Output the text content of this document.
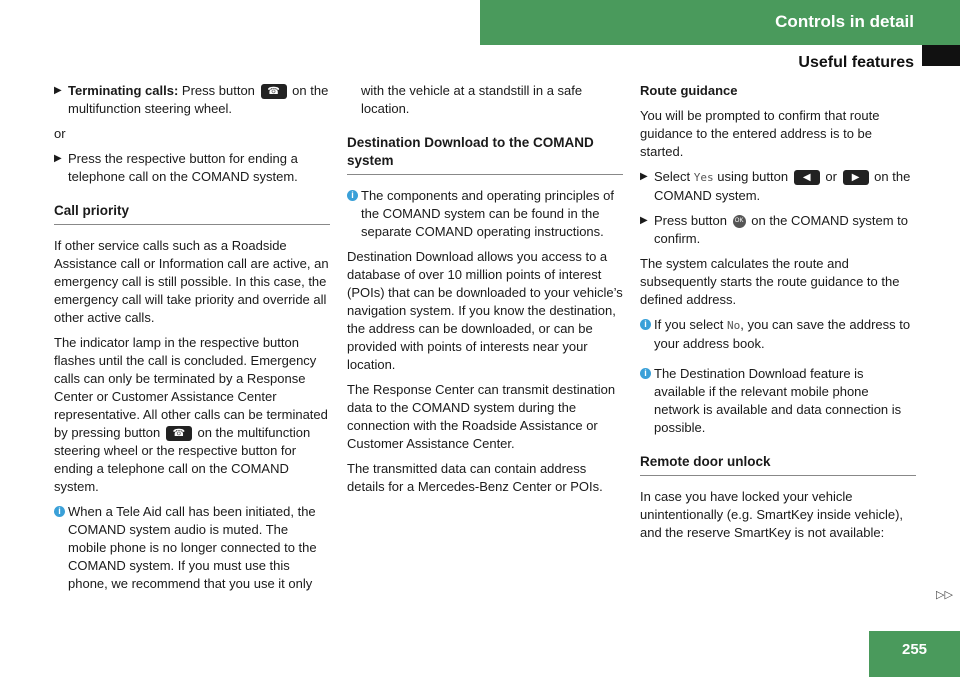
Controls in detail
Useful features
▶ Terminating calls: Press button ☎ on the multifunction steering wheel.

or

▶ Press the respective button for ending a telephone call on the COMAND system.
Call priority

If other service calls such as a Roadside Assistance call or Information call are active, an emergency call is still possible. In this case, the emergency call will take priority and override all other active calls.

The indicator lamp in the respective button flashes until the call is concluded. Emergency calls can only be terminated by a Response Center or Customer Assistance Center representative. All other calls can be terminated by pressing button ☎ on the multifunction steering wheel or the respective button for ending a telephone call on the COMAND system.

i When a Tele Aid call has been initiated, the COMAND system audio is muted. The mobile phone is no longer connected to the COMAND system. If you must use this phone, we recommend that you use it only

with the vehicle at a standstill in a safe location.

Destination Download to the COMAND system
i The components and operating principles of the COMAND system can be found in the separate COMAND operating instructions.

Destination Download allows you access to a database of over 10 million points of interest (POIs) that can be downloaded to your vehicle’s navigation system. If you know the destination, the address can be downloaded, or can be provided with points of interests near your location.

The Response Center can transmit destination data to the COMAND system during the connection with the Roadside Assistance or Customer Assistance Center.

The transmitted data can contain address details for a Mercedes-Benz Center or POIs.

Route guidance

You will be prompted to confirm that route guidance to the entered address is to be started.

▶ Select Yes using button ◀ or ▶ on the COMAND system.
▶ Press button OK on the COMAND system to confirm.

The system calculates the route and subsequently starts the route guidance to the defined address.

i If you select No, you can save the address to your address book.
i The Destination Download feature is available if the relevant mobile phone network is available and data connection is possible.
Remote door unlock

In case you have locked your vehicle unintentionally (e.g. SmartKey inside vehicle), and the reserve SmartKey is not available:

▷▷
255
